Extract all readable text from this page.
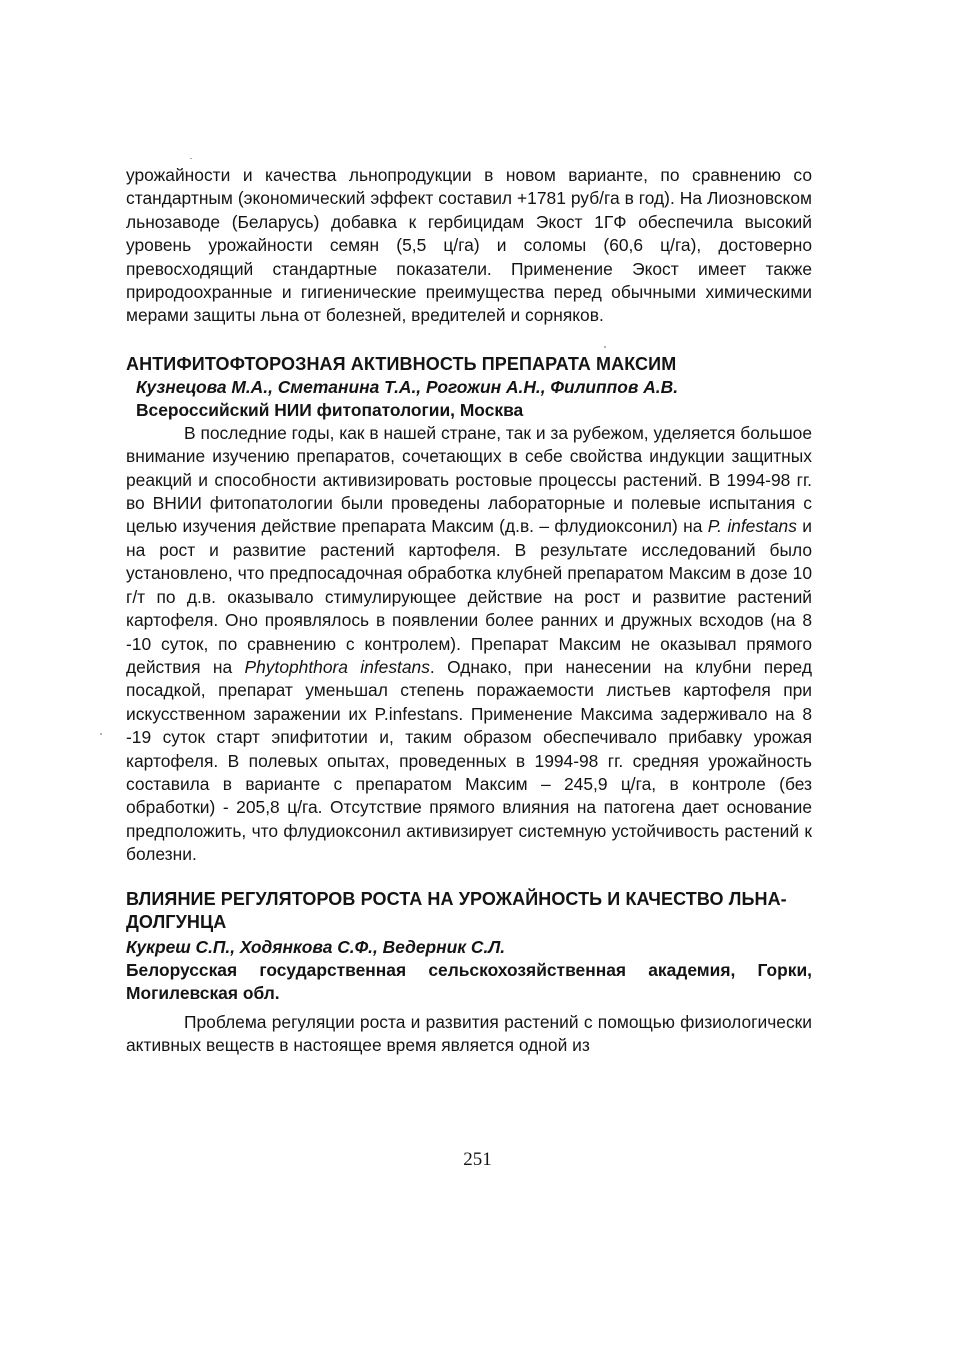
урожайности и качества льнопродукции в новом варианте, по сравнению со стандартным (экономический эффект составил +1781 руб/га в год). На Лиозновском льнозаводе (Беларусь) добавка к гербицидам Экост 1ГФ обеспечила высокий уровень урожайности семян (5,5 ц/га) и соломы (60,6 ц/га), достоверно превосходящий стандартные показатели. Применение Экост имеет также природоохранные и гигиенические преимущества перед обычными химическими мерами защиты льна от болезней, вредителей и сорняков.

АНТИФИТОФТОРОЗНАЯ АКТИВНОСТЬ ПРЕПАРАТА МАКСИМ
Кузнецова М.А., Сметанина Т.А., Рогожин А.Н., Филиппов А.В.
Всероссийский НИИ фитопатологии, Москва

В последние годы, как в нашей стране, так и за рубежом, уделяется большое внимание изучению препаратов, сочетающих в себе свойства индукции защитных реакций и способности активизировать ростовые процессы растений. В 1994-98 гг. во ВНИИ фитопатологии были проведены лабораторные и полевые испытания с целью изучения действие препарата Максим (д.в. – флудиоксонил) на P. infestans и на рост и развитие растений картофеля. В результате исследований было установлено, что предпосадочная обработка клубней препаратом Максим в дозе 10 г/т по д.в. оказывало стимулирующее действие на рост и развитие растений картофеля. Оно проявлялось в появлении более ранних и дружных всходов (на 8 -10 суток, по сравнению с контролем). Препарат Максим не оказывал прямого действия на Phytophthora infestans. Однако, при нанесении на клубни перед посадкой, препарат уменьшал степень поражаемости листьев картофеля при искусственном заражении их P.infestans. Применение Максима задерживало на 8 -19 суток старт эпифитотии и, таким образом обеспечивало прибавку урожая картофеля. В полевых опытах, проведенных в 1994-98 гг. средняя урожайность составила в варианте с препаратом Максим – 245,9 ц/га, в контроле (без обработки) - 205,8 ц/га. Отсутствие прямого влияния на патогена дает основание предположить, что флудиоксонил активизирует системную устойчивость растений к болезни.

ВЛИЯНИЕ РЕГУЛЯТОРОВ РОСТА НА УРОЖАЙНОСТЬ И КАЧЕСТВО ЛЬНА-ДОЛГУНЦА
Кукреш С.П., Ходянкова С.Ф., Ведерник С.Л.
Белорусская государственная сельскохозяйственная академия, Горки, Могилевская обл.

Проблема регуляции роста и развития растений с помощью физиологически активных веществ в настоящее время является одной из

251
